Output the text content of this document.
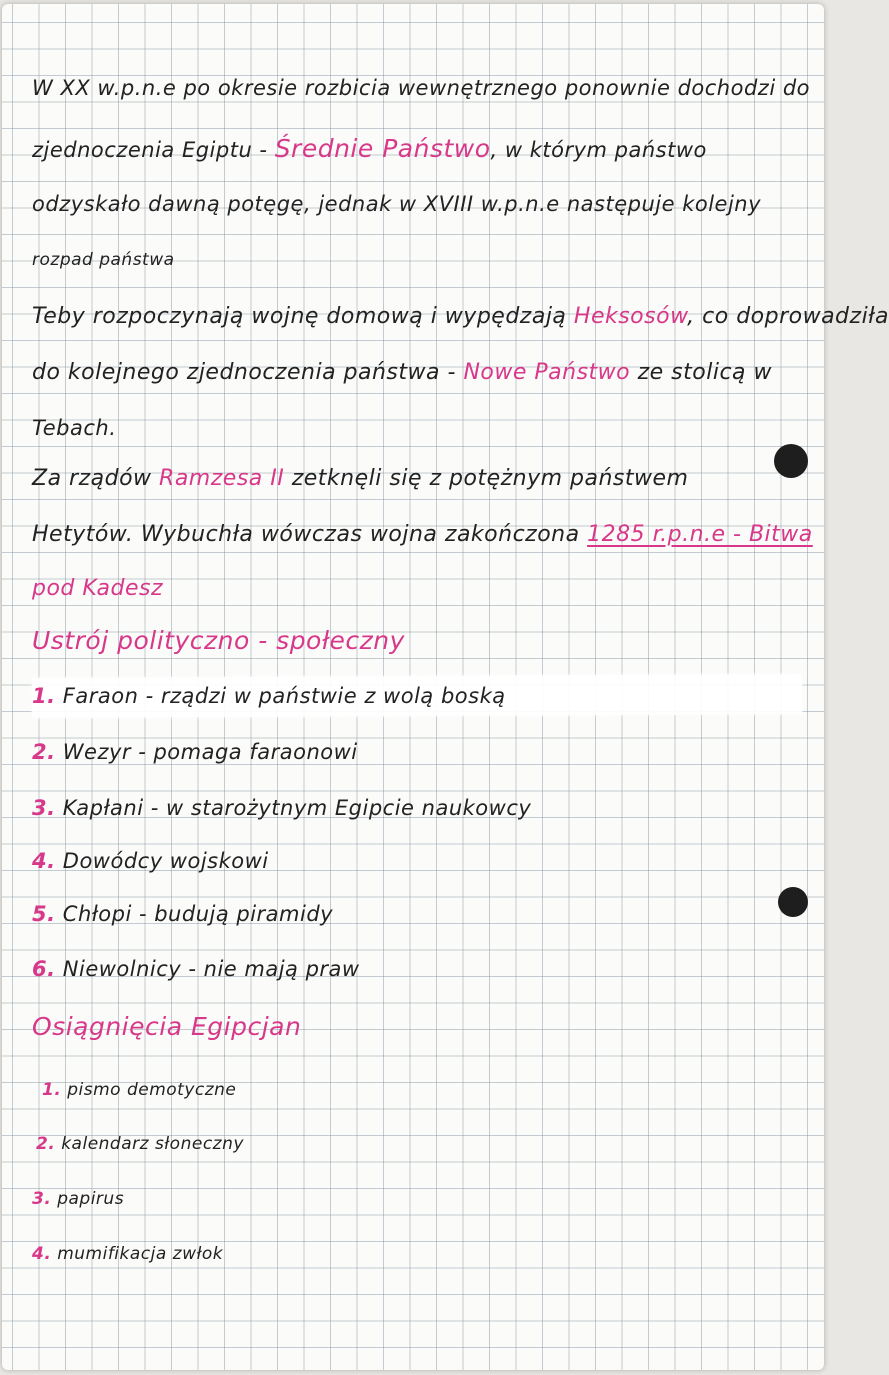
W XX w.p.n.e po okresie rozbicia wewnętrznego ponownie dochodzi do
zjednoczenia Egiptu - Średnie Państwo, w którym państwo
odzyskało dawną potęgę, jednak w XVIII w.p.n.e następuje kolejny
rozpad państwa
Teby rozpoczynają wojnę domową i wypędzają Heksosów, co doprowadziła
do kolejnego zjednoczenia państwa - Nowe Państwo ze stolicą w
Tebach.
Za rządów Ramzesa II zetknęli się z potężnym państwem
Hetytów. Wybuchła wówczas wojna zakończona 1285 r.p.n.e - Bitwa
pod Kadesz
Ustrój polityczno - społeczny
1. Faraon - rządzi w państwie z wolą boską
2. Wezyr - pomaga faraonowi
3. Kapłani - w starożytnym Egipcie naukowcy
4. Dowódcy wojskowi
5. Chłopi - budują piramidy
6. Niewolnicy - nie mają praw
Osiągnięcia Egipcjan
1. pismo demotyczne
2. kalendarz słoneczny
3. papirus
4. mumifikacja zwłok
